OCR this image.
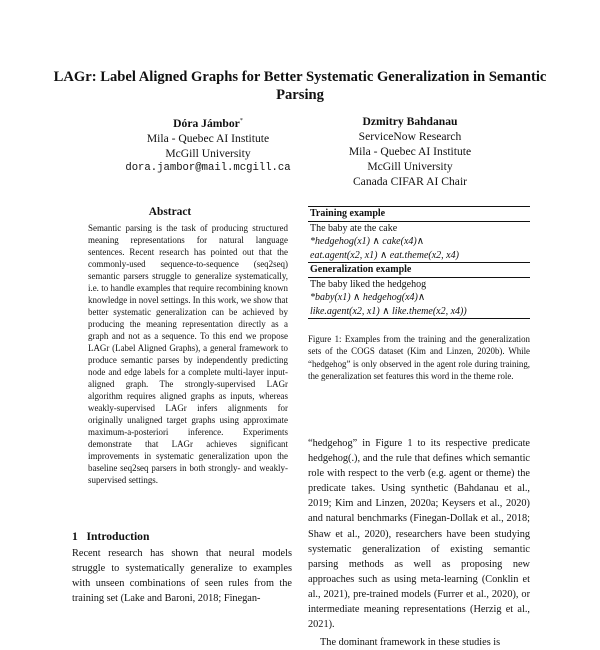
LAGr: Label Aligned Graphs for Better Systematic Generalization in Semantic Parsing
Dóra Jámbor*
Mila - Quebec AI Institute
McGill University
dora.jambor@mail.mcgill.ca
Dzmitry Bahdanau
ServiceNow Research
Mila - Quebec AI Institute
McGill University
Canada CIFAR AI Chair
Abstract

Semantic parsing is the task of producing structured meaning representations for natural language sentences. Recent research has pointed out that the commonly-used sequence-to-sequence (seq2seq) semantic parsers struggle to generalize systematically, i.e. to handle examples that require recombining known knowledge in novel settings. In this work, we show that better systematic generalization can be achieved by producing the meaning representation directly as a graph and not as a sequence. To this end we propose LAGr (Label Aligned Graphs), a general framework to produce semantic parses by independently predicting node and edge labels for a complete multi-layer input-aligned graph. The strongly-supervised LAGr algorithm requires aligned graphs as inputs, whereas weakly-supervised LAGr infers alignments for originally unaligned target graphs using approximate maximum-a-posteriori inference. Experiments demonstrate that LAGr achieves significant improvements in systematic generalization upon the baseline seq2seq parsers in both strongly- and weakly-supervised settings.

1 Introduction

Recent research has shown that neural models struggle to systematically generalize to examples with unseen combinations of seen rules from the training set (Lake and Baroni, 2018; Finegan-

Training example
The baby ate the cake
*hedgehog(x1) ∧ cake(x4)∧
eat.agent(x2, x1) ∧ eat.theme(x2, x4)
Generalization example
The baby liked the hedgehog
*baby(x1) ∧ hedgehog(x4)∧
like.agent(x2, x1) ∧ like.theme(x2, x4))
Figure 1: Examples from the training and the generalization sets of the COGS dataset (Kim and Linzen, 2020b). While “hedgehog” is only observed in the agent role during training, the generalization set features this word in the theme role.

“hedgehog” in Figure 1 to its respective predicate hedgehog(.), and the rule that defines which semantic role with respect to the verb (e.g. agent or theme) the predicate takes. Using synthetic (Bahdanau et al., 2019; Kim and Linzen, 2020a; Keysers et al., 2020) and natural benchmarks (Finegan-Dollak et al., 2018; Shaw et al., 2020), researchers have been studying systematic generalization of existing semantic parsing methods as well as proposing new approaches such as using meta-learning (Conklin et al., 2021), pre-trained models (Furrer et al., 2020), or intermediate meaning representations (Herzig et al., 2021).

The dominant framework in these studies is
